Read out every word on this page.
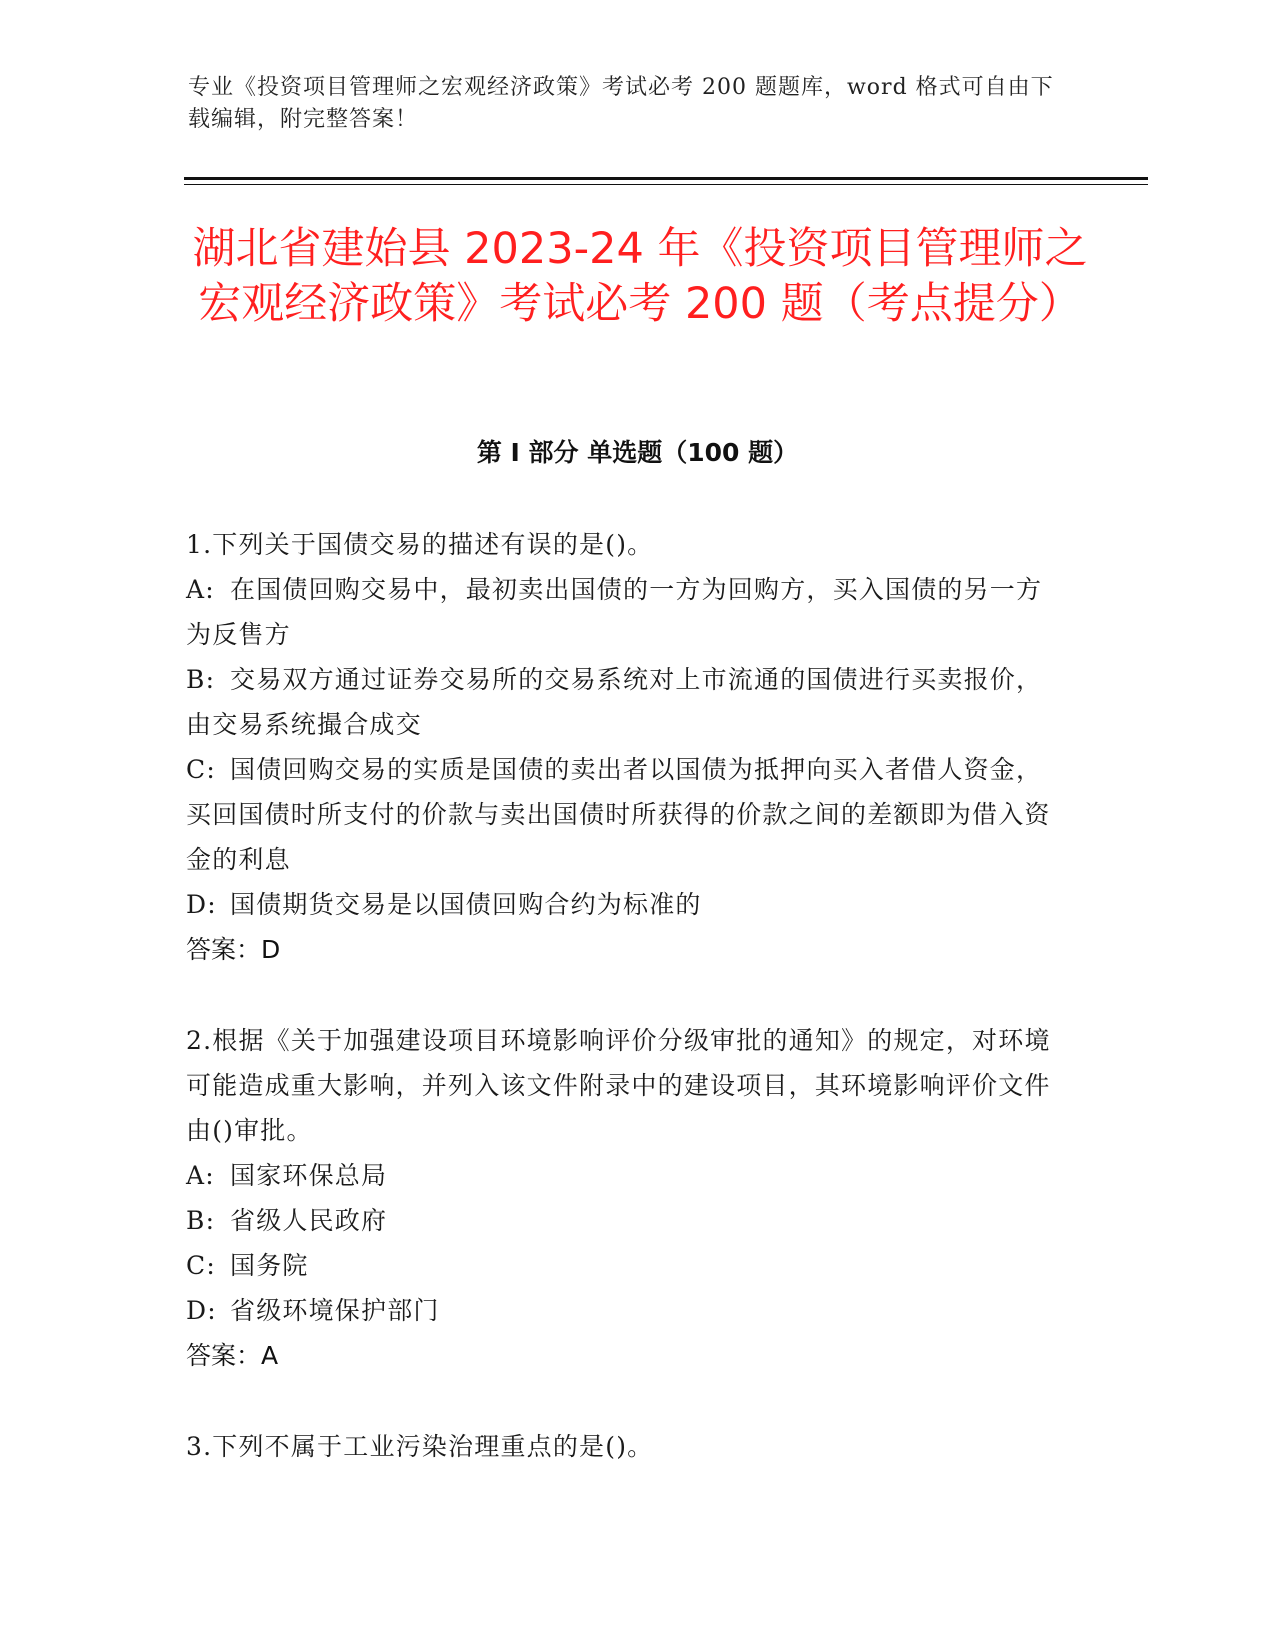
专业《投资项目管理师之宏观经济政策》考试必考 200 题题库，word 格式可自由下载编辑，附完整答案！
湖北省建始县 2023-24 年《投资项目管理师之宏观经济政策》考试必考 200 题（考点提分）
第 I 部分 单选题（100 题）

1.下列关于国债交易的描述有误的是()。

A: 在国债回购交易中，最初卖出国债的一方为回购方，买入国债的另一方为反售方

B: 交易双方通过证券交易所的交易系统对上市流通的国债进行买卖报价，由交易系统撮合成交

C: 国债回购交易的实质是国债的卖出者以国债为抵押向买入者借人资金，买回国债时所支付的价款与卖出国债时所获得的价款之间的差额即为借入资金的利息

D: 国债期货交易是以国债回购合约为标准的

答案：D

2.根据《关于加强建设项目环境影响评价分级审批的通知》的规定，对环境可能造成重大影响，并列入该文件附录中的建设项目，其环境影响评价文件由()审批。

A: 国家环保总局

B: 省级人民政府

C: 国务院

D: 省级环境保护部门

答案：A

3.下列不属于工业污染治理重点的是()。
